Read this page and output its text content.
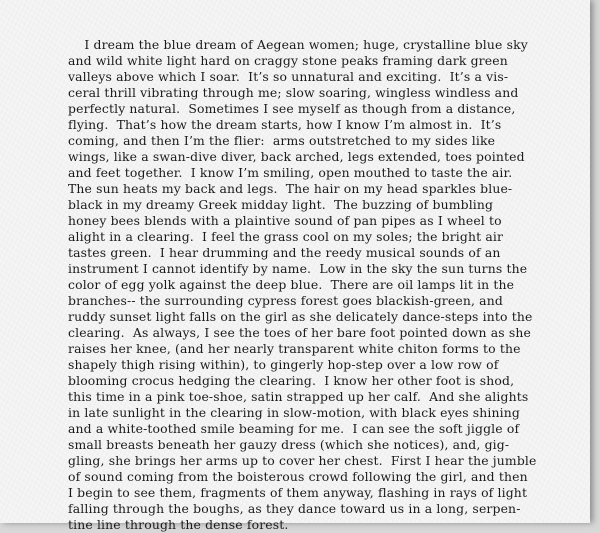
I dream the blue dream of Aegean women; huge, crystalline blue sky
and wild white light hard on craggy stone peaks framing dark green
valleys above which I soar.  It’s so unnatural and exciting.  It’s a vis-
ceral thrill vibrating through me; slow soaring, wingless windless and
perfectly natural.  Sometimes I see myself as though from a distance,
flying.  That’s how the dream starts, how I know I’m almost in.  It’s
coming, and then I’m the flier:  arms outstretched to my sides like
wings, like a swan-dive diver, back arched, legs extended, toes pointed
and feet together.  I know I’m smiling, open mouthed to taste the air.
The sun heats my back and legs.  The hair on my head sparkles blue-
black in my dreamy Greek midday light.  The buzzing of bumbling
honey bees blends with a plaintive sound of pan pipes as I wheel to
alight in a clearing.  I feel the grass cool on my soles; the bright air
tastes green.  I hear drumming and the reedy musical sounds of an
instrument I cannot identify by name.  Low in the sky the sun turns the
color of egg yolk against the deep blue.  There are oil lamps lit in the
branches-- the surrounding cypress forest goes blackish-green, and
ruddy sunset light falls on the girl as she delicately dance-steps into the
clearing.  As always, I see the toes of her bare foot pointed down as she
raises her knee, (and her nearly transparent white chiton forms to the
shapely thigh rising within), to gingerly hop-step over a low row of
blooming crocus hedging the clearing.  I know her other foot is shod,
this time in a pink toe-shoe, satin strapped up her calf.  And she alights
in late sunlight in the clearing in slow-motion, with black eyes shining
and a white-toothed smile beaming for me.  I can see the soft jiggle of
small breasts beneath her gauzy dress (which she notices), and, gig-
gling, she brings her arms up to cover her chest.  First I hear the jumble
of sound coming from the boisterous crowd following the girl, and then
I begin to see them, fragments of them anyway, flashing in rays of light
falling through the boughs, as they dance toward us in a long, serpen-
tine line through the dense forest.
